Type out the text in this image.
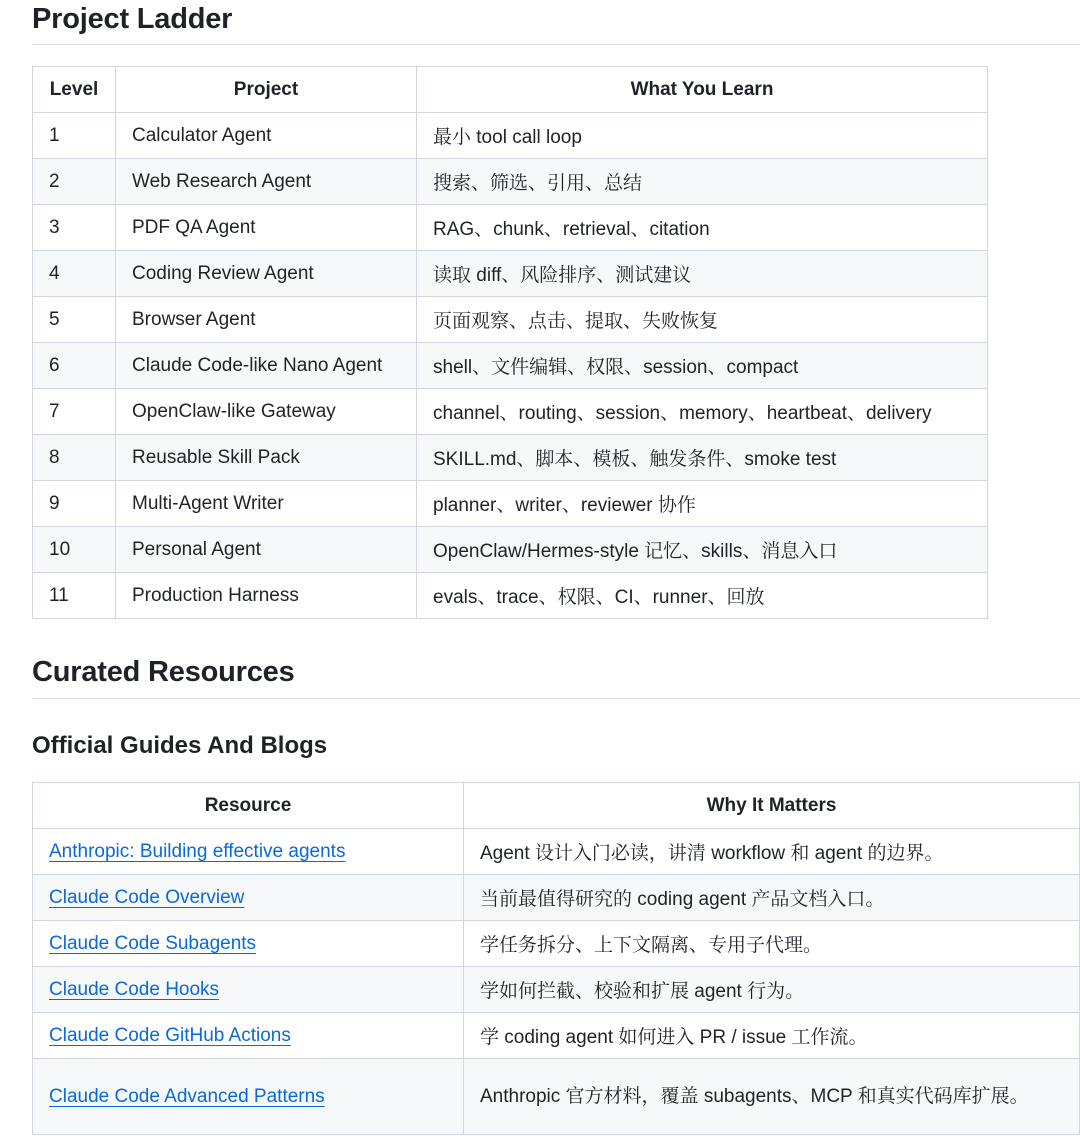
Project Ladder
Level	Project	What You Learn
1	Calculator Agent	最小 tool call loop
2	Web Research Agent	搜索、筛选、引用、总结
3	PDF QA Agent	RAG、chunk、retrieval、citation
4	Coding Review Agent	读取 diff、风险排序、测试建议
5	Browser Agent	页面观察、点击、提取、失败恢复
6	Claude Code-like Nano Agent	shell、文件编辑、权限、session、compact
7	OpenClaw-like Gateway	channel、routing、session、memory、heartbeat、delivery
8	Reusable Skill Pack	SKILL.md、脚本、模板、触发条件、smoke test
9	Multi-Agent Writer	planner、writer、reviewer 协作
10	Personal Agent	OpenClaw/Hermes-style 记忆、skills、消息入口
11	Production Harness	evals、trace、权限、CI、runner、回放
Curated Resources
Official Guides And Blogs
Resource	Why It Matters
Anthropic: Building effective agents	Agent 设计入门必读，讲清 workflow 和 agent 的边界。
Claude Code Overview	当前最值得研究的 coding agent 产品文档入口。
Claude Code Subagents	学任务拆分、上下文隔离、专用子代理。
Claude Code Hooks	学如何拦截、校验和扩展 agent 行为。
Claude Code GitHub Actions	学 coding agent 如何进入 PR / issue 工作流。
Claude Code Advanced Patterns	Anthropic 官方材料，覆盖 subagents、MCP 和真实代码库扩展。
